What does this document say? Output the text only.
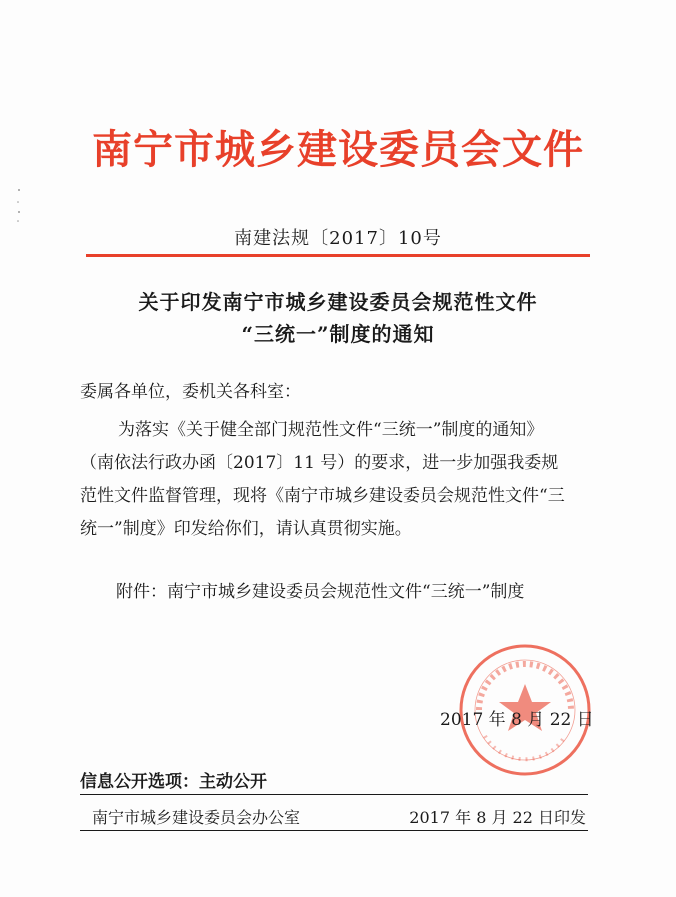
南宁市城乡建设委员会文件
南建法规〔2017〕10号
关于印发南宁市城乡建设委员会规范性文件
“三统一”制度的通知
委属各单位，委机关各科室：
为落实《关于健全部门规范性文件“三统一”制度的通知》
（南依法行政办函〔2017〕11 号）的要求，进一步加强我委规
范性文件监督管理，现将《南宁市城乡建设委员会规范性文件“三
统一”制度》印发给你们，请认真贯彻实施。
附件：南宁市城乡建设委员会规范性文件“三统一”制度
2017 年 8 月 22 日
信息公开选项：主动公开
南宁市城乡建设委员会办公室	2017 年 8 月 22 日印发
